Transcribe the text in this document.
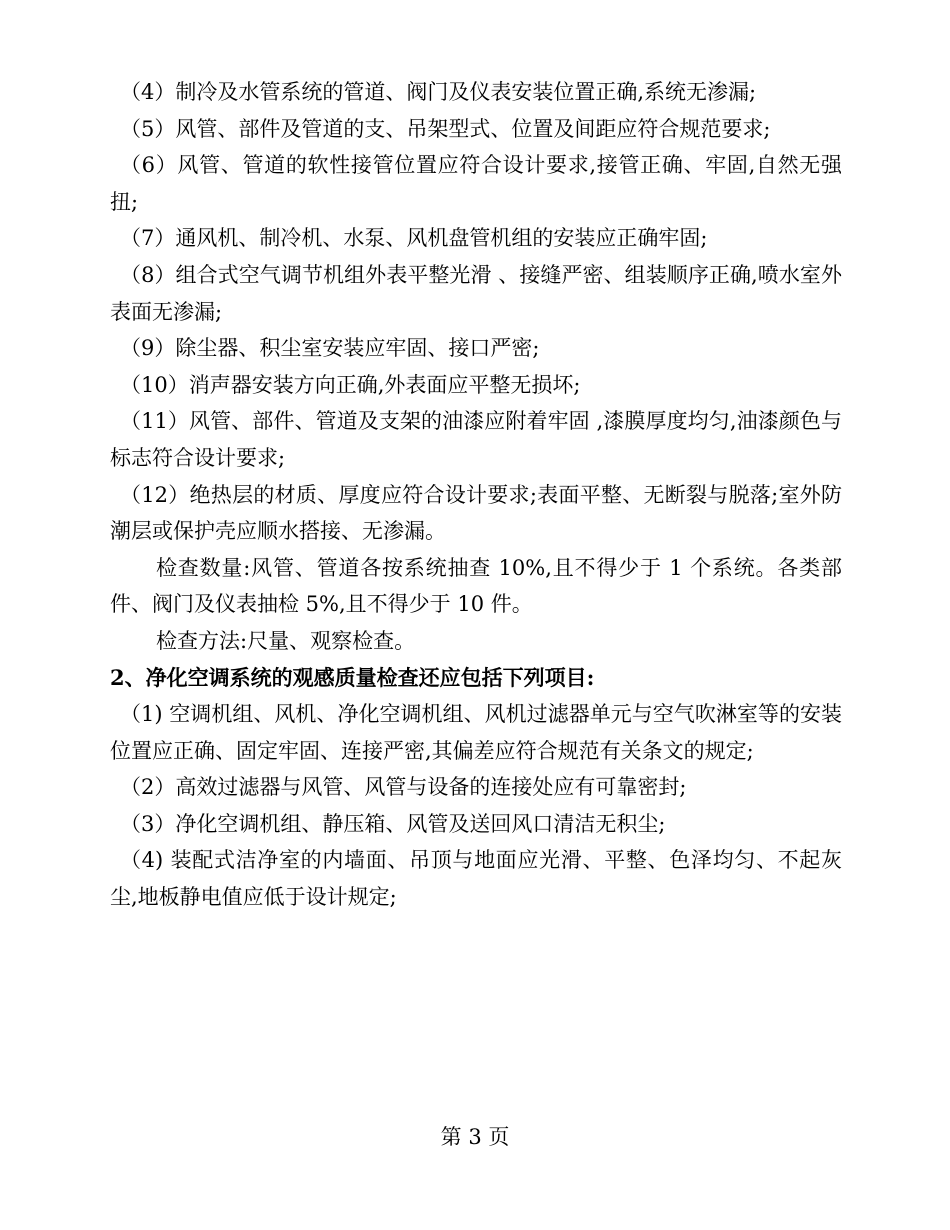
（4）制冷及水管系统的管道、阀门及仪表安装位置正确,系统无渗漏;

（5）风管、部件及管道的支、吊架型式、位置及间距应符合规范要求;

（6）风管、管道的软性接管位置应符合设计要求,接管正确、牢固,自然无强扭;

（7）通风机、制冷机、水泵、风机盘管机组的安装应正确牢固;

（8）组合式空气调节机组外表平整光滑 、接缝严密、组装顺序正确,喷水室外表面无渗漏;

（9）除尘器、积尘室安装应牢固、接口严密;

（10）消声器安装方向正确,外表面应平整无损坏;

（11）风管、部件、管道及支架的油漆应附着牢固 ,漆膜厚度均匀,油漆颜色与标志符合设计要求;

（12）绝热层的材质、厚度应符合设计要求;表面平整、无断裂与脱落;室外防潮层或保护壳应顺水搭接、无渗漏。

检查数量:风管、管道各按系统抽查 10%,且不得少于 1 个系统。各类部件、阀门及仪表抽检 5%,且不得少于 10 件。

检查方法:尺量、观察检查。

2、净化空调系统的观感质量检查还应包括下列项目:

（1) 空调机组、风机、净化空调机组、风机过滤器单元与空气吹淋室等的安装位置应正确、固定牢固、连接严密,其偏差应符合规范有关条文的规定;

（2）高效过滤器与风管、风管与设备的连接处应有可靠密封;

（3）净化空调机组、静压箱、风管及送回风口清洁无积尘;

（4) 装配式洁净室的内墙面、吊顶与地面应光滑、平整、色泽均匀、不起灰尘,地板静电值应低于设计规定;

第 3 页
